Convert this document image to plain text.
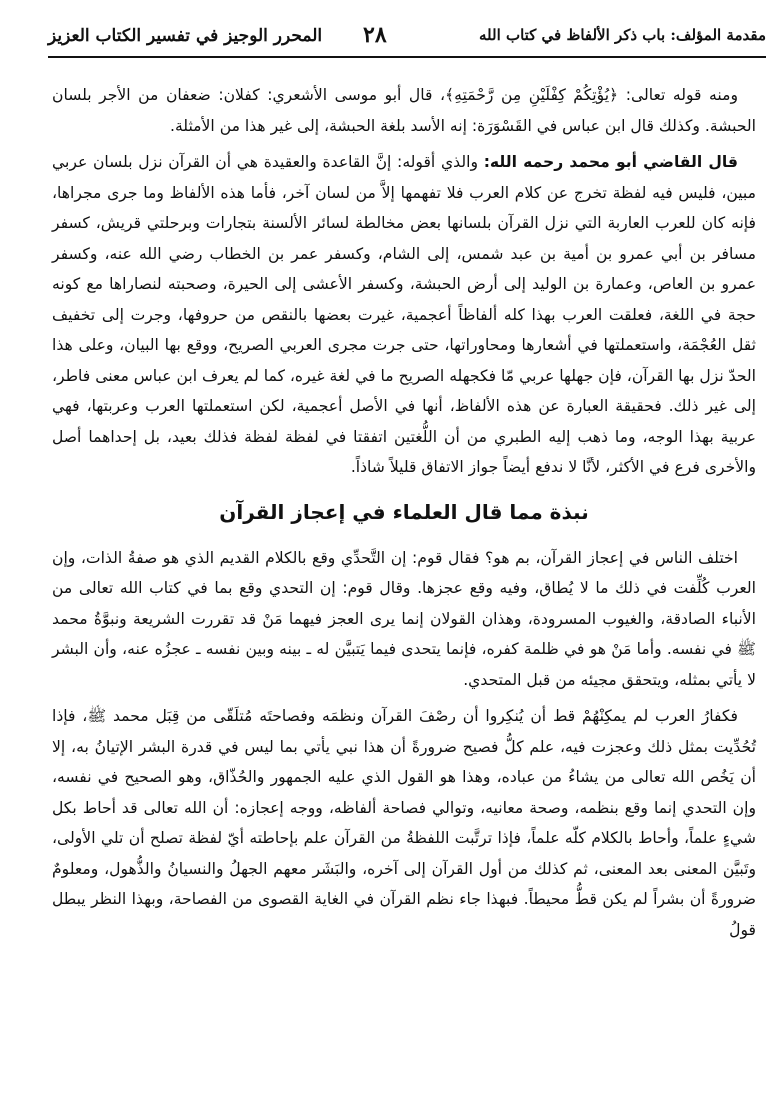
مقدمة المؤلف: باب ذكر الألفاظ في كتاب الله
٢٨
المحرر الوجيز في تفسير الكتاب العزيز

ومنه قوله تعالى: ﴿يُؤْتِكُمْ كِفْلَيْنِ مِن رَّحْمَتِهِ﴾، قال أبو موسى الأشعري: كفلان: ضعفان من الأجر بلسان الحبشة. وكذلك قال ابن عباس في القَسْوَرَة: إنه الأسد بلغة الحبشة، إلى غير هذا من الأمثلة.

قال القاضي أبو محمد رحمه الله: والذي أقوله: إنَّ القاعدة والعقيدة هي أن القرآن نزل بلسان عربي مبين، فليس فيه لفظة تخرج عن كلام العرب فلا تفهمها إلاَّ من لسان آخر، فأما هذه الألفاظ وما جرى مجراها، فإنه كان للعرب العاربة التي نزل القرآن بلسانها بعض مخالطة لسائر الألسنة بتجارات وبرحلتي قريش، كسفر مسافر بن أبي عمرو بن أمية بن عبد شمس، إلى الشام، وكسفر عمر بن الخطاب رضي الله عنه، وكسفر عمرو بن العاص، وعمارة بن الوليد إلى أرض الحبشة، وكسفر الأعشى إلى الحيرة، وصحبته لنصاراها مع كونه حجة في اللغة، فعلقت العرب بهذا كله ألفاظاً أعجمية، غيرت بعضها بالنقص من حروفها، وجرت إلى تخفيف ثقل العُجْمَة، واستعملتها في أشعارها ومحاوراتها، حتى جرت مجرى العربي الصريح، ووقع بها البيان، وعلى هذا الحدّ نزل بها القرآن، فإن جهلها عربي مّا فكجهله الصريح ما في لغة غيره، كما لم يعرف ابن عباس معنى فاطر، إلى غير ذلك. فحقيقة العبارة عن هذه الألفاظ، أنها في الأصل أعجمية، لكن استعملتها العرب وعربتها، فهي عربية بهذا الوجه، وما ذهب إليه الطبري من أن اللُّغتين اتفقتا في لفظة لفظة فذلك بعيد، بل إحداهما أصل والأخرى فرع في الأكثر، لأنَّا لا ندفع أيضاً جواز الاتفاق قليلاً شاذاً.

نبذة مما قال العلماء في إعجاز القرآن

اختلف الناس في إعجاز القرآن، بم هو؟ فقال قوم: إن التَّحدِّي وقع بالكلام القديم الذي هو صفةُ الذات، وإن العرب كُلِّفت في ذلك ما لا يُطاق، وفيه وقع عجزها. وقال قوم: إن التحدي وقع بما في كتاب الله تعالى من الأنباء الصادقة، والغيوب المسرودة، وهذان القولان إنما يرى العجز فيهما مَنْ قد تقررت الشريعة ونبوَّةُ محمد ﷺ في نفسه. وأما مَنْ هو في ظلمة كفره، فإنما يتحدى فيما يَتبيَّن له ـ بينه وبين نفسه ـ عجزُه عنه، وأن البشر لا يأتي بمثله، ويتحقق مجيئه من قبل المتحدي.

فكفارُ العرب لم يمكِنْهُمْ قط أن يُنكِروا أن رصْفَ القرآن ونظمَه وفصاحتَه مُتلَقّى من قِبَل محمد ﷺ، فإذا تُحُدِّيت بمثل ذلك وعجزت فيه، علم كلُّ فصيح ضرورةً أن هذا نبي يأتي بما ليس في قدرة البشر الإتيانُ به، إلا أن يَخُص الله تعالى من يشاءُ من عباده، وهذا هو القول الذي عليه الجمهور والحُذّاق، وهو الصحيح في نفسه، وإن التحدي إنما وقع بنظمه، وصحة معانيه، وتوالي فصاحة ألفاظه، ووجه إعجازه: أن الله تعالى قد أحاط بكل شيءٍ علماً، وأحاط بالكلام كلّه علماً، فإذا ترتَّبت اللفظةُ من القرآن علم بإحاطته أيّ لفظة تصلح أن تلي الأولى، وتَبيَّن المعنى بعد المعنى، ثم كذلك من أول القرآن إلى آخره، والبَشَر معهم الجهلُ والنسيانُ والذُّهول، ومعلومٌ ضرورةً أن بشراً لم يكن قطُّ محيطاً. فبهذا جاء نظم القرآن في الغاية القصوى من الفصاحة، وبهذا النظر يبطل قولُ
